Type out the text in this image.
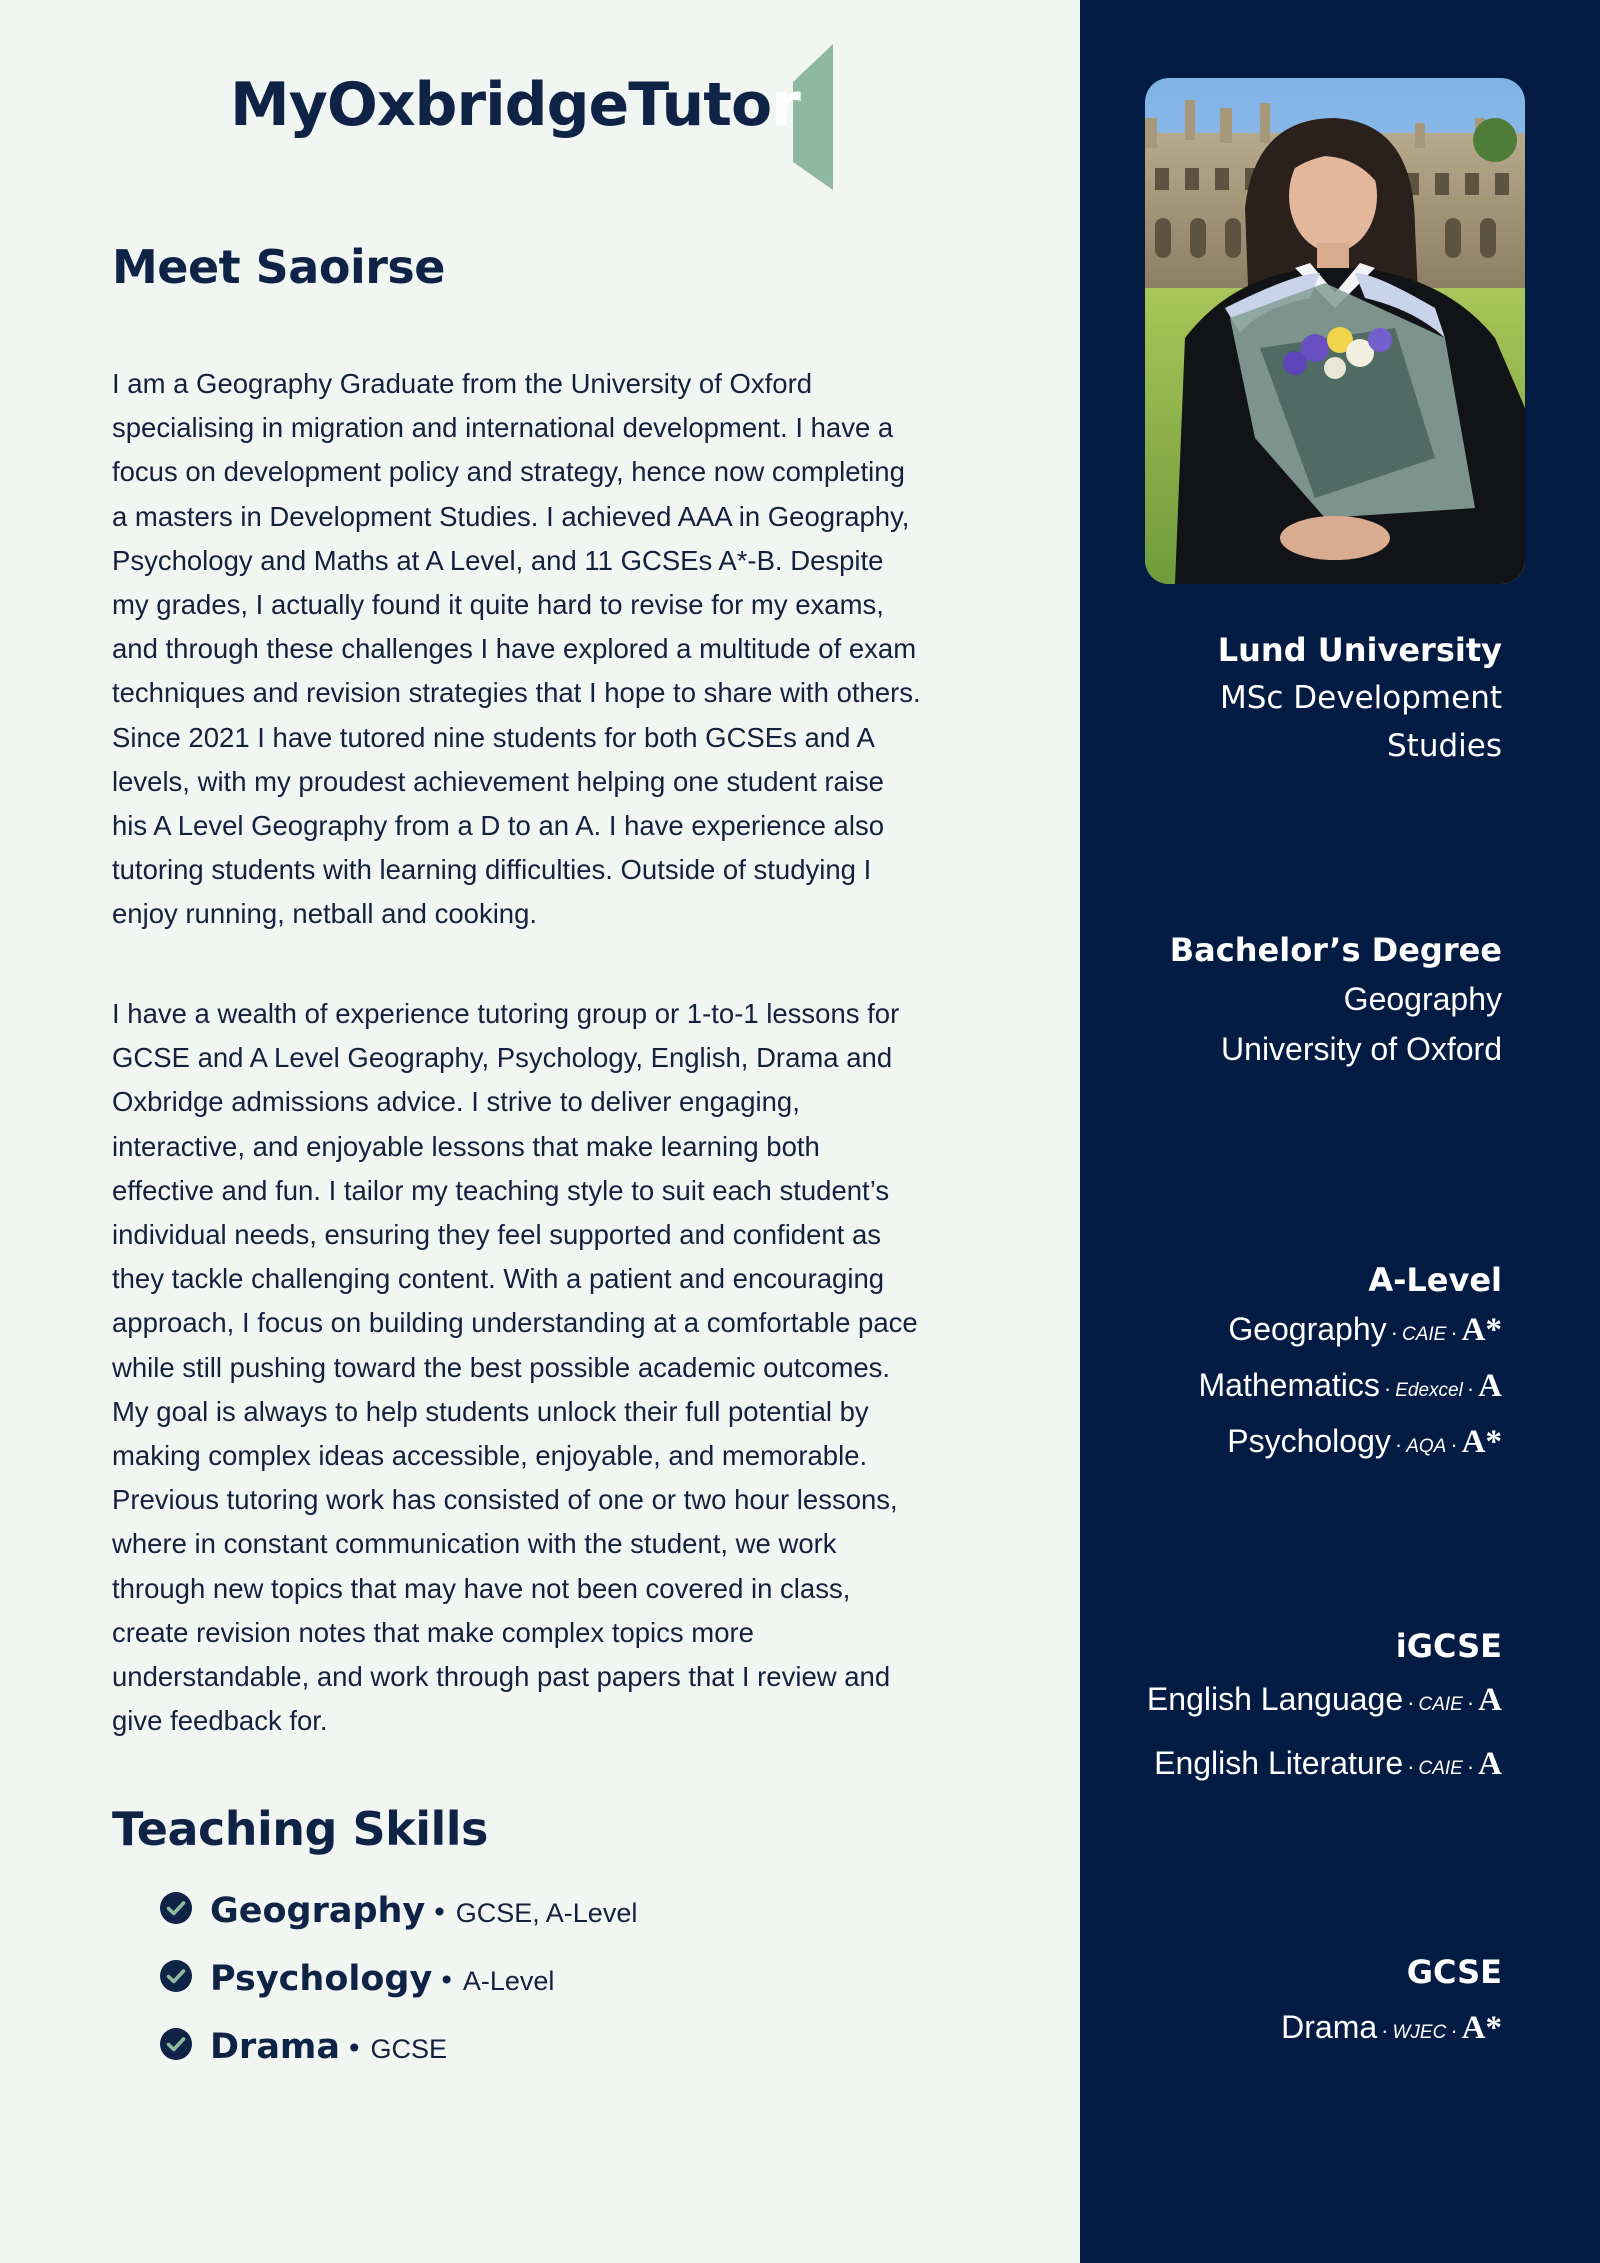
MyOxbridgeTutor
Meet Saoirse

I am a Geography Graduate from the University of Oxford specialising in migration and international development. I have a focus on development policy and strategy, hence now completing a masters in Development Studies. I achieved AAA in Geography, Psychology and Maths at A Level, and 11 GCSEs A*-B. Despite my grades, I actually found it quite hard to revise for my exams, and through these challenges I have explored a multitude of exam techniques and revision strategies that I hope to share with others. Since 2021 I have tutored nine students for both GCSEs and A levels, with my proudest achievement helping one student raise his A Level Geography from a D to an A. I have experience also tutoring students with learning difficulties. Outside of studying I enjoy running, netball and cooking.

I have a wealth of experience tutoring group or 1-to-1 lessons for GCSE and A Level Geography, Psychology, English, Drama and Oxbridge admissions advice. I strive to deliver engaging, interactive, and enjoyable lessons that make learning both effective and fun. I tailor my teaching style to suit each student’s individual needs, ensuring they feel supported and confident as they tackle challenging content. With a patient and encouraging approach, I focus on building understanding at a comfortable pace while still pushing toward the best possible academic outcomes. My goal is always to help students unlock their full potential by making complex ideas accessible, enjoyable, and memorable. Previous tutoring work has consisted of one or two hour lessons, where in constant communication with the student, we work through new topics that may have not been covered in class, create revision notes that make complex topics more understandable, and work through past papers that I review and give feedback for.

Teaching Skills
Geography • GCSE, A-Level
Psychology • A-Level
Drama • GCSE
Lund University
MSc Development
Studies
Bachelor’s Degree
Geography
University of Oxford
A-Level
Geography · CAIE · A*
Mathematics · Edexcel · A
Psychology · AQA · A*
iGCSE
English Language · CAIE · A
English Literature · CAIE · A
GCSE
Drama · WJEC · A*
